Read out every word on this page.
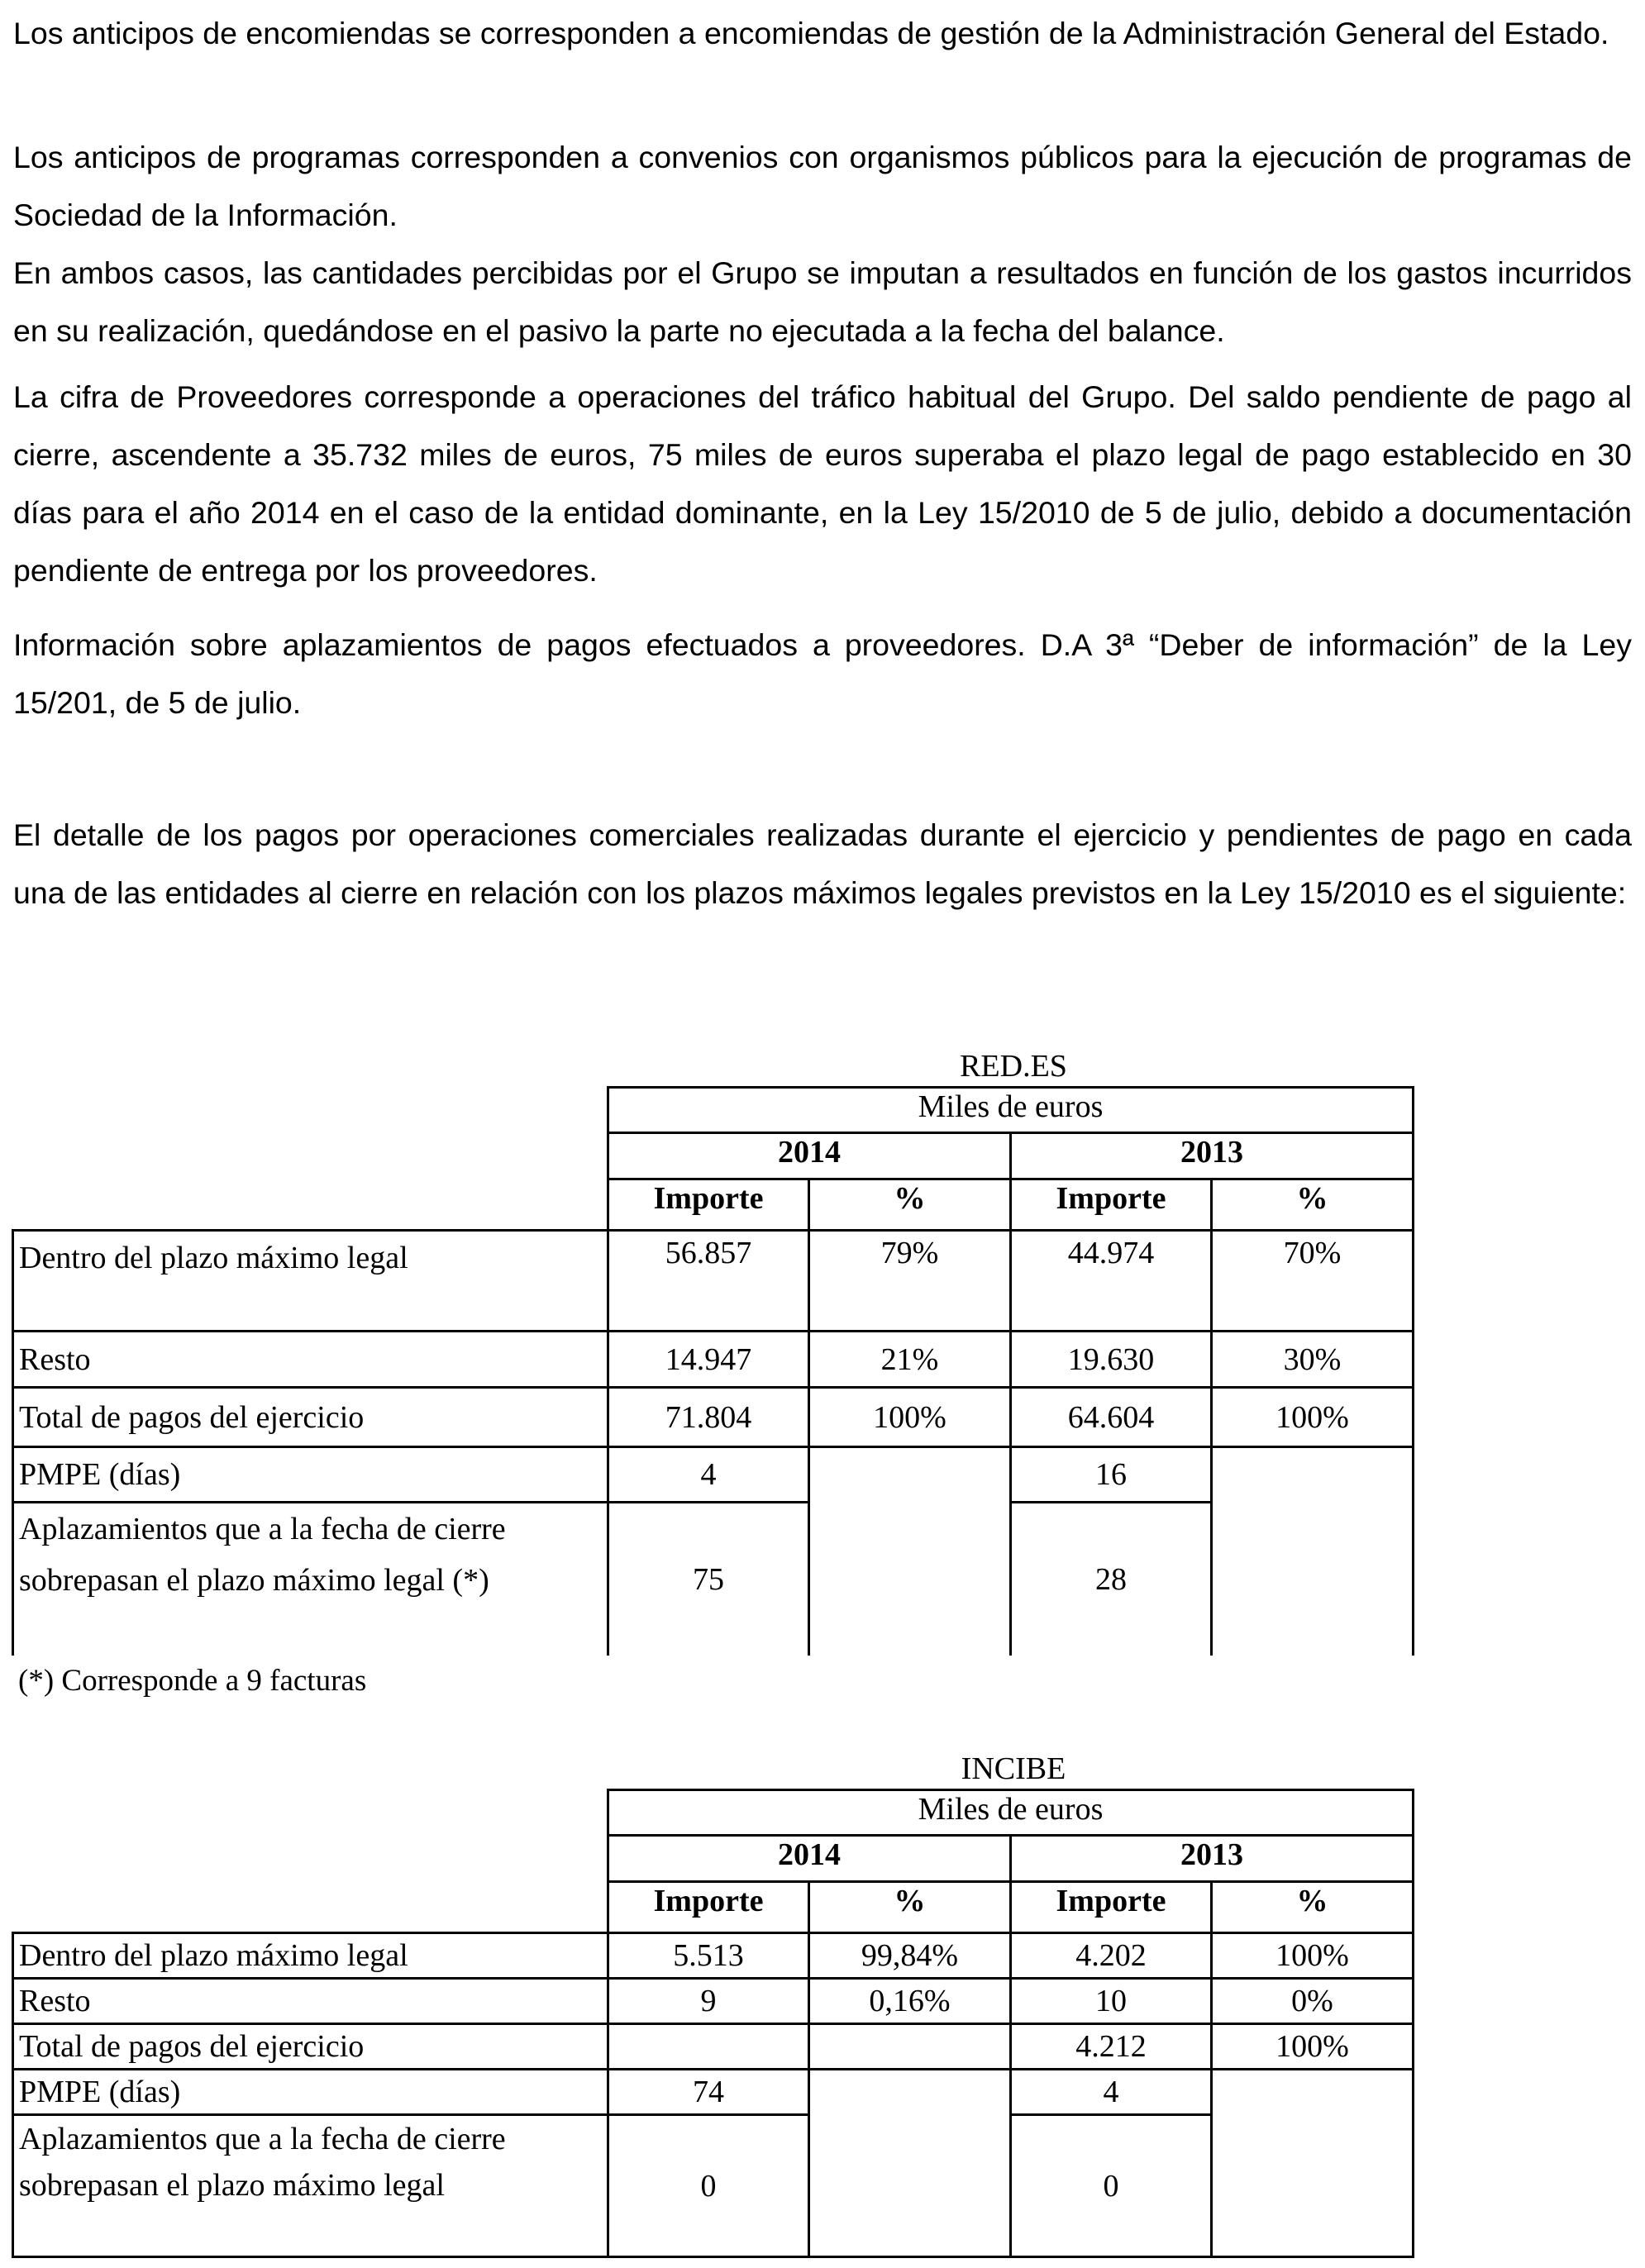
Los anticipos de encomiendas se corresponden a encomiendas de gestión de la Administración General del Estado.

Los anticipos de programas corresponden a convenios con organismos públicos para la ejecución de programas de Sociedad de la Información.

En ambos casos, las cantidades percibidas por el Grupo se imputan a resultados en función de los gastos incurridos en su realización, quedándose en el pasivo la parte no ejecutada a la fecha del balance.

La cifra de Proveedores corresponde a operaciones del tráfico habitual del Grupo. Del saldo pendiente de pago al cierre, ascendente a 35.732 miles de euros, 75 miles de euros superaba el plazo legal de pago establecido en 30 días para el año 2014 en el caso de la entidad dominante, en la Ley 15/2010 de 5 de julio, debido a documentación pendiente de entrega por los proveedores.

Información sobre aplazamientos de pagos efectuados a proveedores. D.A 3ª “Deber de información” de la Ley 15/201, de 5 de julio.

El detalle de los pagos por operaciones comerciales realizadas durante el ejercicio y pendientes de pago en cada una de las entidades al cierre en relación con los plazos máximos legales previstos en la Ley 15/2010 es el siguiente:

RED.ES
	Miles de euros			
	2014		2013	
	Importe	%	Importe	%
Dentro del plazo máximo legal	56.857	79%	44.974	70%
Resto	14.947	21%	19.630	30%
Total de pagos del ejercicio	71.804	100%	64.604	100%
PMPE (días)	4		16	
Aplazamientos que a la fecha de cierre sobrepasan el plazo máximo legal (*)	75		28	
(*) Corresponde a 9 facturas
INCIBE
	Miles de euros			
	2014		2013	
	Importe	%	Importe	%
Dentro del plazo máximo legal	5.513	99,84%	4.202	100%
Resto	9	0,16%	10	0%
Total de pagos del ejercicio			4.212	100%
PMPE (días)	74		4	
Aplazamientos que a la fecha de cierre sobrepasan el plazo máximo legal	0		0	
